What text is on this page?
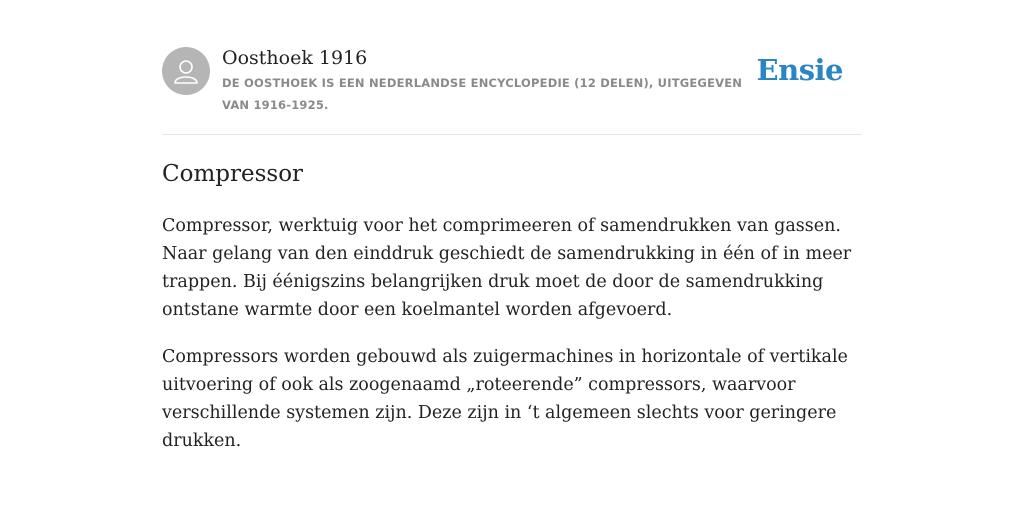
Oosthoek 1916
DE OOSTHOEK IS EEN NEDERLANDSE ENCYCLOPEDIE (12 DELEN), UITGEGEVEN VAN 1916-1925.
Ensie
Compressor

Compressor, werktuig voor het comprimeeren of samendrukken van gassen. Naar gelang van den einddruk geschiedt de samendrukking in één of in meer trappen. Bij éénigszins belangrijken druk moet de door de samendrukking ontstane warmte door een koelmantel worden afgevoerd.

Compressors worden gebouwd als zuigermachines in horizontale of vertikale uitvoering of ook als zoogenaamd „roteerende” compressors, waarvoor verschillende systemen zijn. Deze zijn in ‘t algemeen slechts voor geringere drukken.
